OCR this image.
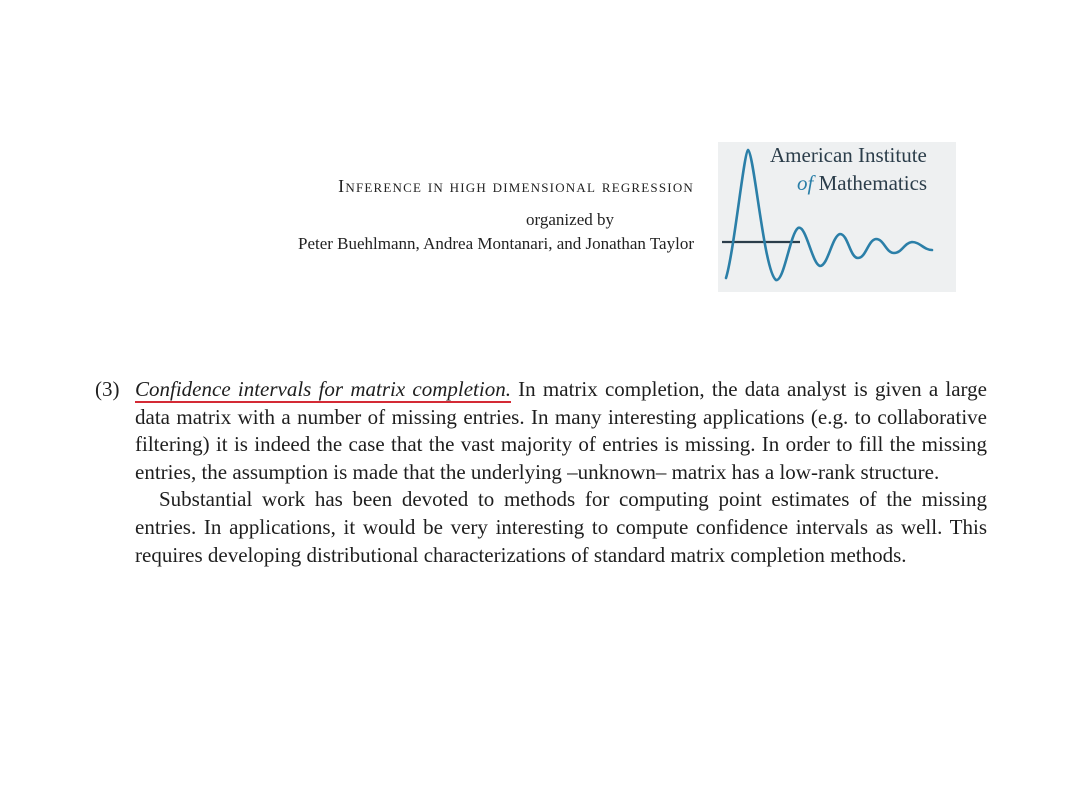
Inference in high dimensional regression
organized by
Peter Buehlmann, Andrea Montanari, and Jonathan Taylor
American Institute
of Mathematics
(3) Confidence intervals for matrix completion. In matrix completion, the data analyst is given a large data matrix with a number of missing entries. In many interesting applications (e.g. to collaborative filtering) it is indeed the case that the vast majority of entries is missing. In order to fill the missing entries, the assumption is made that the underlying –unknown– matrix has a low-rank structure.

Substantial work has been devoted to methods for computing point estimates of the missing entries. In applications, it would be very interesting to compute confidence intervals as well. This requires developing distributional characterizations of standard matrix completion methods.
